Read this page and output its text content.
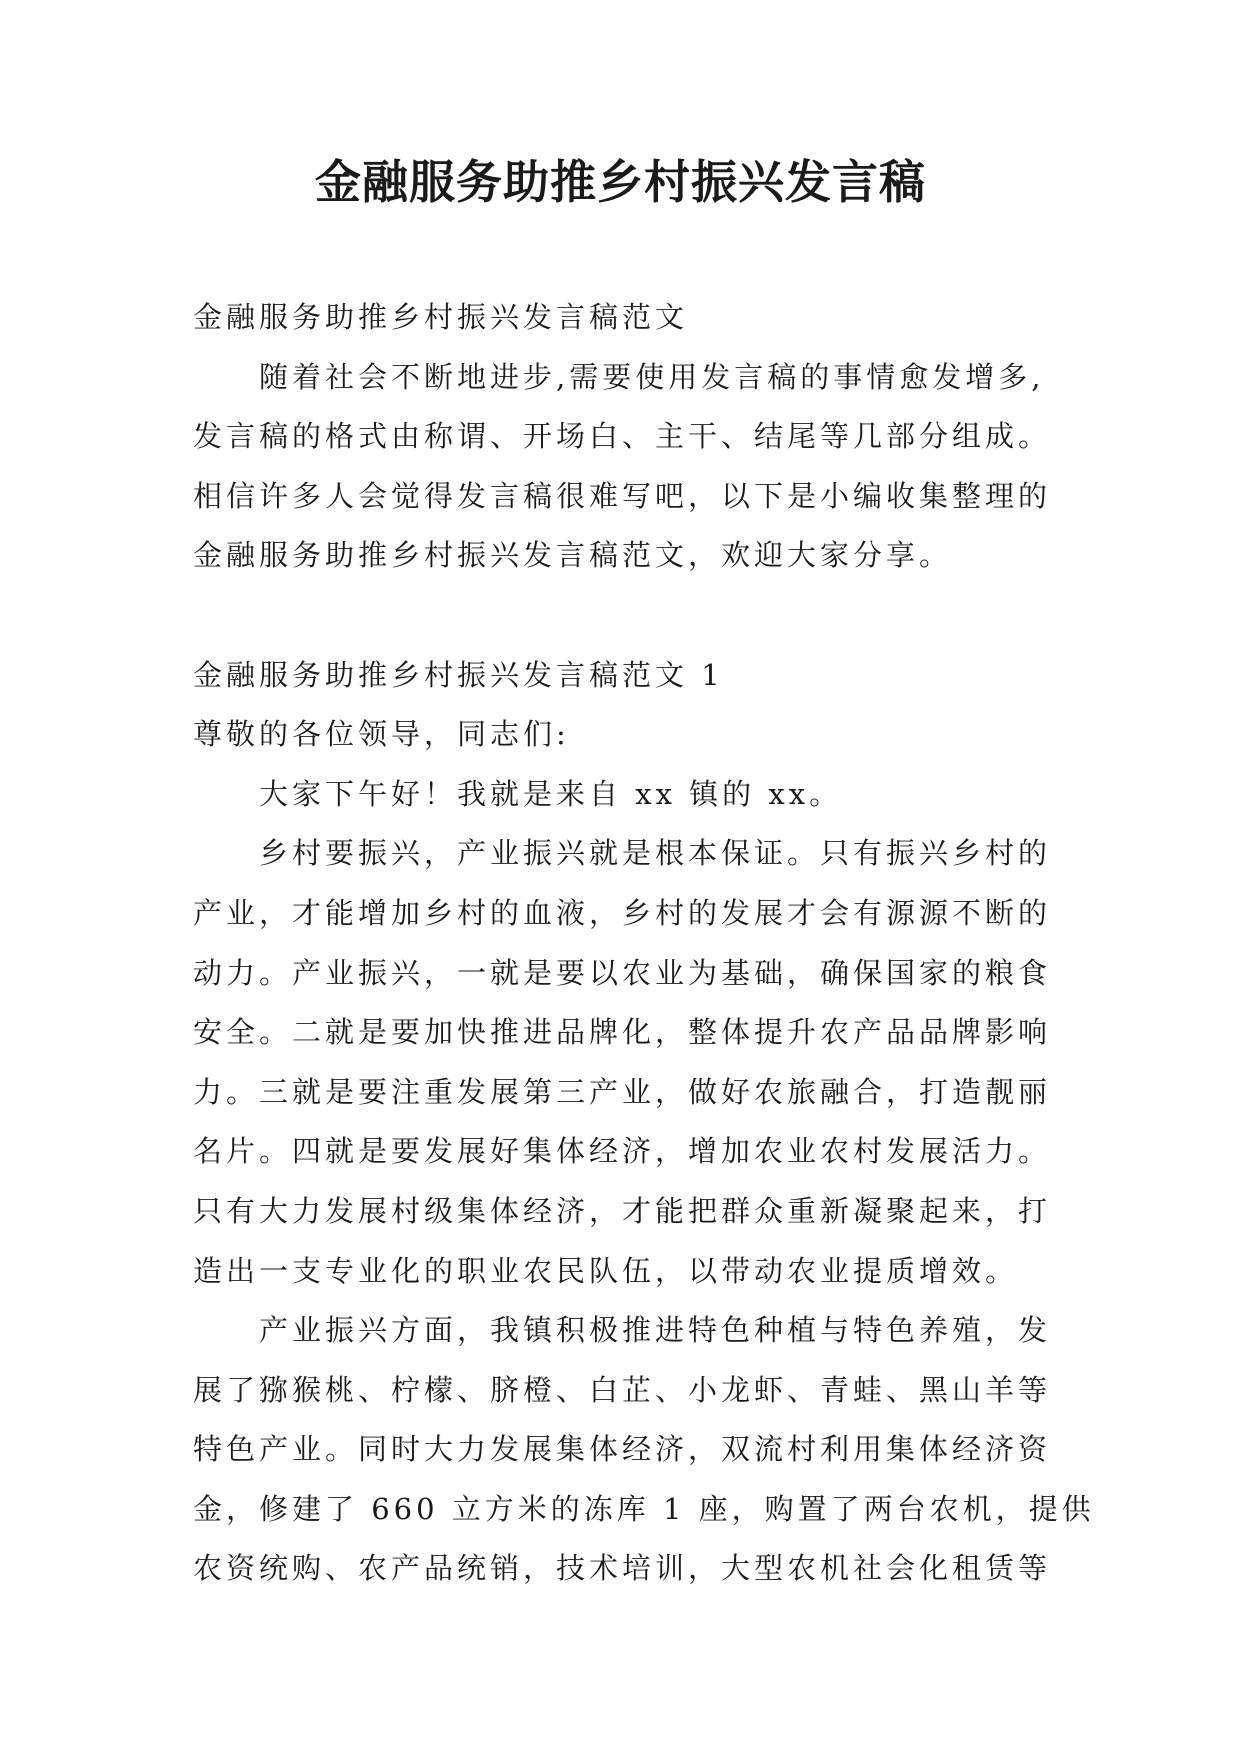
金融服务助推乡村振兴发言稿
金融服务助推乡村振兴发言稿范文
随着社会不断地进步,需要使用发言稿的事情愈发增多,
发言稿的格式由称谓、开场白、主干、结尾等几部分组成。
相信许多人会觉得发言稿很难写吧，以下是小编收集整理的
金融服务助推乡村振兴发言稿范文，欢迎大家分享。
金融服务助推乡村振兴发言稿范文 1
尊敬的各位领导，同志们:
大家下午好！我就是来自 xx 镇的 xx。
乡村要振兴，产业振兴就是根本保证。只有振兴乡村的
产业，才能增加乡村的血液，乡村的发展才会有源源不断的
动力。产业振兴，一就是要以农业为基础，确保国家的粮食
安全。二就是要加快推进品牌化，整体提升农产品品牌影响
力。三就是要注重发展第三产业，做好农旅融合，打造靓丽
名片。四就是要发展好集体经济，增加农业农村发展活力。
只有大力发展村级集体经济，才能把群众重新凝聚起来，打
造出一支专业化的职业农民队伍，以带动农业提质增效。
产业振兴方面，我镇积极推进特色种植与特色养殖，发
展了猕猴桃、柠檬、脐橙、白芷、小龙虾、青蛙、黑山羊等
特色产业。同时大力发展集体经济，双流村利用集体经济资
金，修建了 660 立方米的冻库 1 座，购置了两台农机，提供
农资统购、农产品统销，技术培训，大型农机社会化租赁等
